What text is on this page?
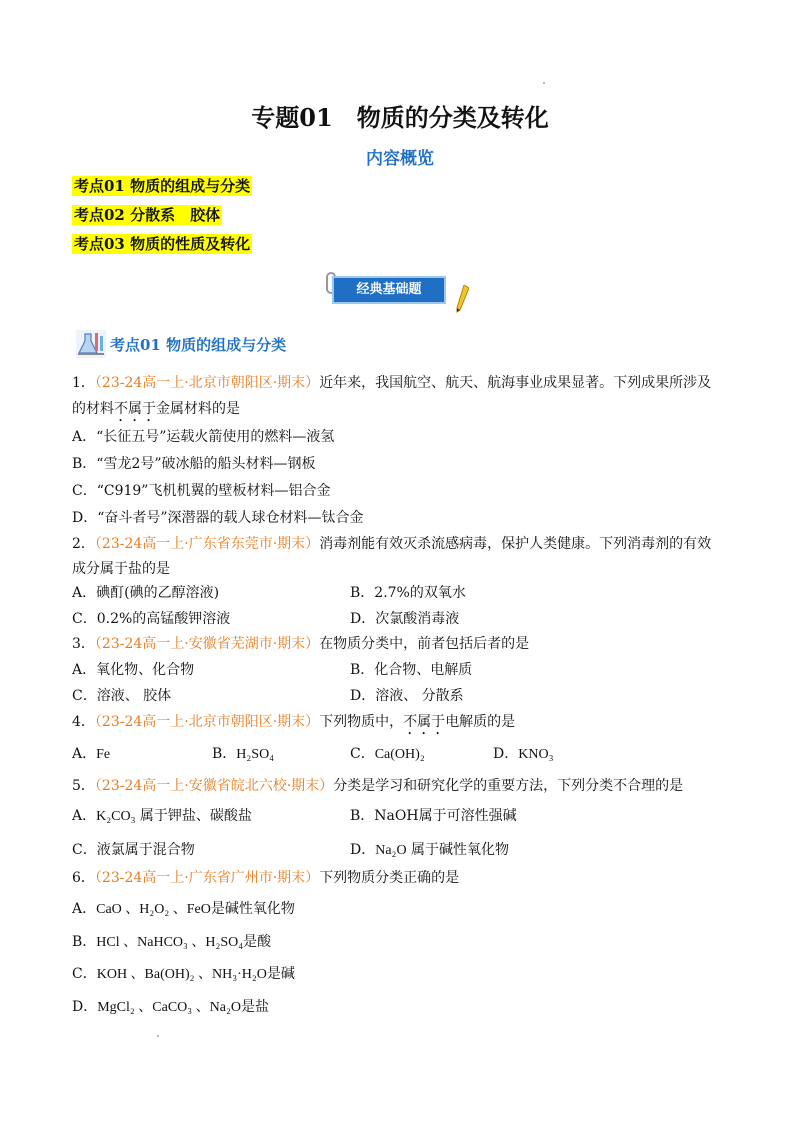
专题01　物质的分类及转化
内容概览
考点01 物质的组成与分类
考点02 分散系　胶体
考点03 物质的性质及转化
经典基础题
考点01 物质的组成与分类
1．（23-24高一上·北京市朝阳区·期末）近年来，我国航空、航天、航海事业成果显著。下列成果所涉及
的材料不属于金属材料的是
A．“长征五号”运载火箭使用的燃料—液氢
B．“雪龙2号”破冰船的船头材料—钢板
C．“C919”飞机机翼的壁板材料—铝合金
D．“奋斗者号”深潜器的载人球仓材料—钛合金
2．（23-24高一上·广东省东莞市·期末）消毒剂能有效灭杀流感病毒，保护人类健康。下列消毒剂的有效
成分属于盐的是
A．碘酊(碘的乙醇溶液)	B．2.7%的双氧水
C．0.2%的高锰酸钾溶液	D．次氯酸消毒液
3．（23-24高一上·安徽省芜湖市·期末）在物质分类中，前者包括后者的是
A．氧化物、化合物	B．化合物、电解质
C．溶液、 胶体	D．溶液、 分散系
4．（23-24高一上·北京市朝阳区·期末）下列物质中，不属于电解质的是
A．Fe	B．H₂SO₄	C．Ca(OH)₂	D．KNO₃
5．（23-24高一上·安徽省皖北六校·期末）分类是学习和研究化学的重要方法，下列分类不合理的是
A．K₂CO₃ 属于钾盐、碳酸盐	B．NaOH属于可溶性强碱
C．液氯属于混合物	D．Na₂O 属于碱性氧化物
6．（23-24高一上·广东省广州市·期末）下列物质分类正确的是
A．CaO 、H₂O₂ 、FeO是碱性氧化物
B．HCl 、NaHCO₃ 、H₂SO₄是酸
C．KOH 、Ba(OH)₂ 、NH₃·H₂O是碱
D．MgCl₂ 、CaCO₃ 、Na₂O是盐
